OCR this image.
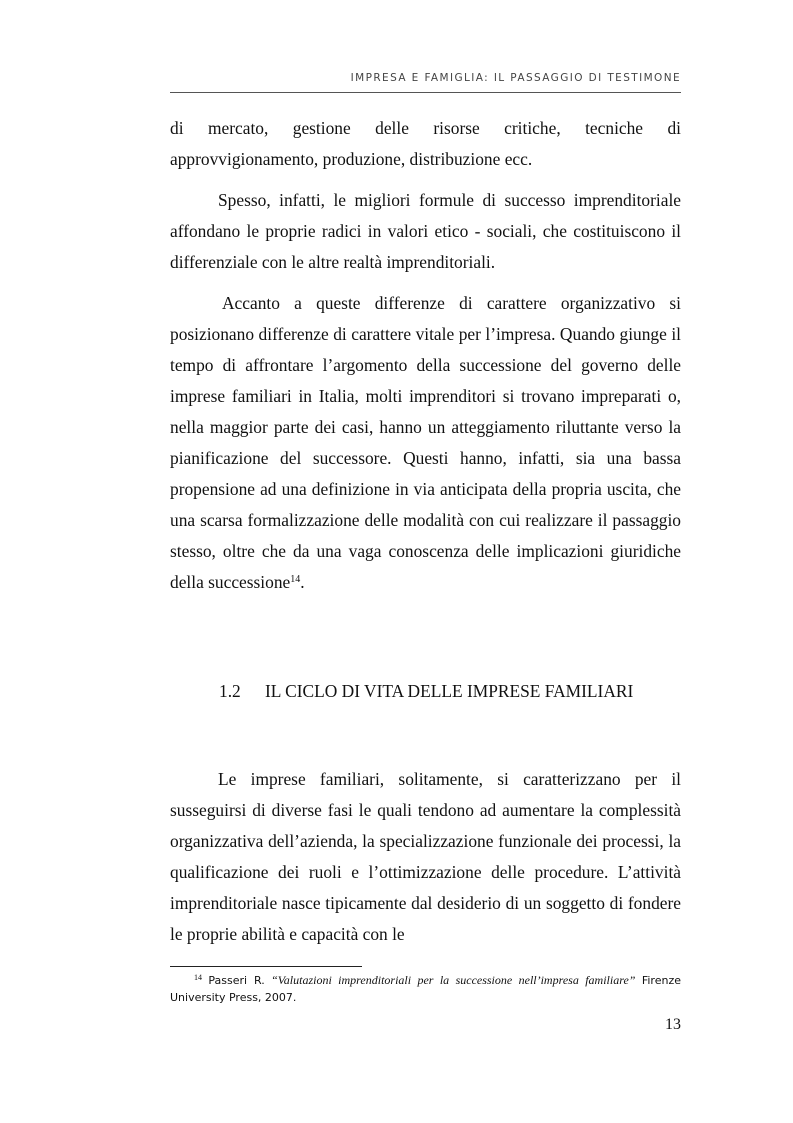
IMPRESA E FAMIGLIA: IL PASSAGGIO DI TESTIMONE

di mercato, gestione delle risorse critiche, tecniche di approvvigionamento, produzione, distribuzione ecc.

Spesso, infatti, le migliori formule di successo imprenditoriale affondano le proprie radici in valori etico - sociali, che costituiscono il differenziale con le altre realtà imprenditoriali.

Accanto a queste differenze di carattere organizzativo si posizionano differenze di carattere vitale per l’impresa. Quando giunge il tempo di affrontare l’argomento della successione del governo delle imprese familiari in Italia, molti imprenditori si trovano impreparati o, nella maggior parte dei casi, hanno un atteggiamento riluttante verso la pianificazione del successore. Questi hanno, infatti, sia una bassa propensione ad una definizione in via anticipata della propria uscita, che una scarsa formalizzazione delle modalità con cui realizzare il passaggio stesso, oltre che da una vaga conoscenza delle implicazioni giuridiche della successione$^{14}$.

1.2	IL CICLO DI VITA DELLE IMPRESE FAMILIARI

Le imprese familiari, solitamente, si caratterizzano per il susseguirsi di diverse fasi le quali tendono ad aumentare la complessità organizzativa dell’azienda, la specializzazione funzionale dei processi, la qualificazione dei ruoli e l’ottimizzazione delle procedure. L’attività imprenditoriale nasce tipicamente dal desiderio di un soggetto di fondere le proprie abilità e capacità con le

$^{14}$ Passeri R. “Valutazioni imprenditoriali per la successione nell’impresa familiare” Firenze University Press, 2007.

13
